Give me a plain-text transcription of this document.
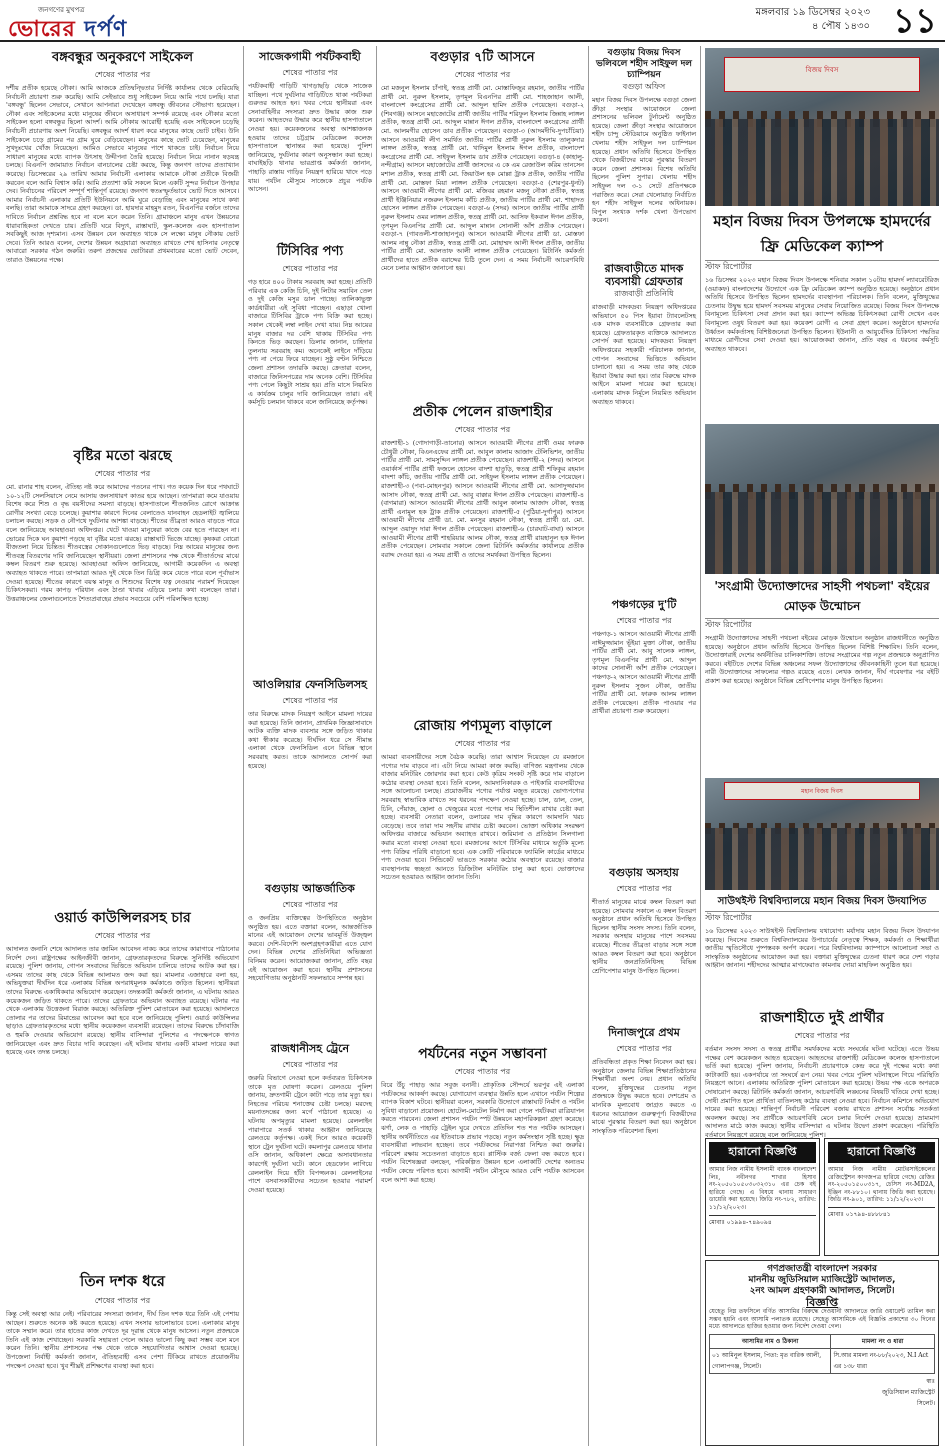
জনগণের মুখপত্র
ভোরের দর্পণ
মঙ্গলবার ১৯ ডিসেম্বর ২০২৩
৪ পৌষ ১৪৩০ ১১
বঙ্গবন্ধুর অনুকরণে সাইকেল
শেষের পাতার পর
দর্শীয় প্রতীক হয়েছে নৌকা। আমি আজকে প্রতিদ্বন্দ্বিতার নির্দিষ্ট কার্যালয় থেকে বেরিয়েছি নির্বাচনী প্রচারণা শুরু করেছি। আমি সেইভাবে শুধু সাইকেল নিয়ে আমি পথে চলছি। যারা 'বঙ্গবন্ধু' ছিলেন সেভাবে, সেখানে আপনারা দেখেছেন বঙ্গবন্ধু জীবনের সৌভাগ্য হয়েছেন। নৌকা এবং সাইকেলের মধ্যে মানুষের জীবনে অসাধারণ সম্পর্ক রয়েছে এবং নৌকার মতো সাইকেল হলো বঙ্গবন্ধুর ছিলো আদর্শ। আমি নৌকায় আরোহী হয়েছি এবং সাইকেলে চড়েছি নির্বাচনী প্রচারণায় অংশ নিয়েছি। বঙ্গবন্ধুর আদর্শ ধারণ করে মানুষের কাছে ভোট চাইব। উনি সাইকেলে চড়ে গ্রামের পর গ্রাম ঘুরে বেড়িয়েছেন। মানুষের কাছে ভোট চেয়েছেন, মানুষের সুখদুঃখের খোঁজ নিয়েছেন। আমিও সেভাবে মানুষের পাশে থাকতে চাই। নির্বাচন নিয়ে সাধারণ মানুষের মধ্যে ব্যাপক উৎসাহ উদ্দীপনা তৈরি হয়েছে। নির্বাচন নিয়ে নানান ষড়যন্ত্র চলছে। বিএনপি জামায়াত নির্বাচন বানচালের চেষ্টা করছে, কিন্তু জনগণ তাদের প্রত্যাখ্যান করেছে। ডিসেম্বরের ২৯ তারিখ আমার নির্বাচনী এলাকায় আমাকে নৌকা প্রতীকে বিজয়ী করবেন বলে আমি বিশ্বাস করি। আমি প্রত্যাশা করি সকলে মিলে একটি সুন্দর নির্বাচন উপহার দেব। নির্বাচনের পরিবেশ সম্পূর্ণ শান্তিপূর্ণ রয়েছে। জনগণ স্বতঃস্ফূর্তভাবে ভোট দিতে আসবে। আমার নির্বাচনী এলাকার প্রতিটি ইউনিয়নে আমি ঘুরে বেড়াচ্ছি এবং মানুষের সাথে কথা বলছি। তারা আমাকে সাদরে গ্রহণ করছেন। ডা. হায়দার মাহমুদ রতন, বিএনপির বর্জনে তাদের দাবিতে নির্বাচন প্রশ্নবিদ্ধ হবে না বলে মনে করেন তিনি। গ্রামাঞ্চলে মানুষ এখন উন্নয়নের ধারাবাহিকতা দেখতে চায়। প্রতিটি ঘরে বিদ্যুৎ, রাস্তাঘাট, স্কুল-কলেজ এবং হাসপাতাল সবকিছুই আজ দৃশ্যমান। এসব উন্নয়ন যেন অব্যাহত থাকে সে লক্ষ্যে মানুষ নৌকায় ভোট দেবে। তিনি আরও বলেন, দেশের উন্নয়ন অগ্রযাত্রা অব্যাহত রাখতে শেখ হাসিনার নেতৃত্বে আবারো সরকার গঠন জরুরি। তরুণ প্রজন্মের ভোটাররা প্রথমবারের মতো ভোট দেবেন, তারাও উন্নয়নের পক্ষে।
বৃষ্টির মতো ঝরছে
শেষের পাতার পর
মো. রানার শাহ বলেন, ঐতিহ্য নষ্ট করে আমাদের পতনের পাখ। গত কয়েক দিন ধরে পথঘাটে ১০-১২টি সেলসিয়াসে নেমে আসায় জনসাধারণ কাতর হয়ে আছেন। তাপমাত্রা কমে যাওয়ায় বিশেষ করে শিশু ও বৃদ্ধ বয়সীদের সমস্যা বাড়ছে। হাসপাতালে শীতজনিত রোগে আক্রান্ত রোগীর সংখ্যা বেড়ে চলেছে। কুয়াশার কারণে দিনের বেলাতেও যানবাহন হেডলাইট জ্বালিয়ে চলাচল করছে। সড়ক ও নৌপথে দুর্ঘটনার আশঙ্কা বাড়ছে। শীতের তীব্রতা আরও বাড়তে পারে বলে জানিয়েছে আবহাওয়া অধিদপ্তর। খেটে খাওয়া মানুষেরা কাজে বের হতে পারছেন না। ভোরের দিকে ঘন কুয়াশা পড়ছে যা বৃষ্টির মতো ঝরছে। রাস্তাঘাট ভিজে যাচ্ছে। কৃষকরা বোরো বীজতলা নিয়ে চিন্তিত। শীতবস্ত্রের দোকানগুলোতে ভিড় বাড়ছে। নিম্ন আয়ের মানুষের জন্য শীতবস্ত্র বিতরণের দাবি জানিয়েছেন স্থানীয়রা। জেলা প্রশাসনের পক্ষ থেকে শীতার্তদের মাঝে কম্বল বিতরণ শুরু হয়েছে। আবহাওয়া অফিস জানিয়েছে, আগামী কয়েকদিন এ অবস্থা অব্যাহত থাকতে পারে। তাপমাত্রা আরও দুই থেকে তিন ডিগ্রি কমে যেতে পারে বলে পূর্বাভাস দেওয়া হয়েছে। শীতের কারণে বয়স্ক মানুষ ও শিশুদের বিশেষ যত্ন নেওয়ার পরামর্শ দিয়েছেন চিকিৎসকরা। গরম কাপড় পরিধান এবং ঠাণ্ডা খাবার এড়িয়ে চলার কথা বলেছেন তারা। উত্তরাঞ্চলের জেলাগুলোতে শৈত্যপ্রবাহের প্রভাব সবচেয়ে বেশি পরিলক্ষিত হচ্ছে।
ওয়ার্ড কাউন্সিলরসহ চার
শেষের পাতার পর
আদালত জনানি শেষে আদালত তার জামিন আবেদন নাকচ করে তাদের কারাগারে পাঠানোর নির্দেশ দেন। রাষ্ট্রপক্ষের আইনজীবী জানান, গ্রেফতারকৃতদের বিরুদ্ধে সুনির্দিষ্ট অভিযোগ রয়েছে। পুলিশ জানায়, গোপন সংবাদের ভিত্তিতে অভিযান চালিয়ে তাদের আটক করা হয়। এসময় তাদের কাছ থেকে বিভিন্ন আলামত জব্দ করা হয়। মামলার এজাহারে বলা হয়, অভিযুক্তরা দীর্ঘদিন ধরে এলাকায় বিভিন্ন অপরাধমূলক কর্মকাণ্ডে জড়িত ছিলেন। স্থানীয়রা তাদের বিরুদ্ধে একাধিকবার অভিযোগ করেছেন। তদন্তকারী কর্মকর্তা জানান, এ ঘটনায় আরও কয়েকজন জড়িত থাকতে পারে। তাদের গ্রেফতারে অভিযান অব্যাহত রয়েছে। ঘটনার পর থেকে এলাকায় উত্তেজনা বিরাজ করছে। অতিরিক্ত পুলিশ মোতায়েন করা হয়েছে। আদালতে তোলার পর তাদের রিমান্ডের আবেদন করা হবে বলে জানিয়েছে পুলিশ। ওয়ার্ড কাউন্সিলর ছাড়াও গ্রেফতারকৃতদের মধ্যে স্থানীয় কয়েকজন ব্যবসায়ী রয়েছেন। তাদের বিরুদ্ধে চাঁদাবাজি ও হুমকি দেওয়ার অভিযোগ রয়েছে। স্থানীয় বাসিন্দারা পুলিশের এ পদক্ষেপকে স্বাগত জানিয়েছেন এবং দ্রুত বিচার দাবি করেছেন। এই ঘটনায় থানায় একটি মামলা দায়ের করা হয়েছে এবং তদন্ত চলছে।
তিন দশক ধরে
শেষের পাতার পর
কিন্তু সেই অবস্থা আর নেই। পরিবারের সদস্যরা জানান, দীর্ঘ তিন দশক ধরে তিনি এই পেশায় আছেন। শুরুতে অনেক কষ্ট করতে হয়েছে। এখন সংসার ভালোভাবে চলে। এলাকার মানুষ তাকে সম্মান করে। তার হাতের কাজ দেখতে দূর দূরান্ত থেকে মানুষ আসেন। নতুন প্রজন্মকে তিনি এই কাজ শেখাচ্ছেন। সরকারি সহায়তা পেলে আরও ভালো কিছু করা সম্ভব বলে মনে করেন তিনি। স্থানীয় প্রশাসনের পক্ষ থেকে তাকে সহযোগিতার আশ্বাস দেওয়া হয়েছে। উপজেলা নির্বাহী কর্মকর্তা জানান, ঐতিহ্যবাহী এসব পেশা টিকিয়ে রাখতে প্রয়োজনীয় পদক্ষেপ নেওয়া হবে। খুব শীঘ্রই প্রশিক্ষণের ব্যবস্থা করা হবে।
সাজেকগামী পর্যটকবাহী
শেষের পাতার পর
পর্যটকবাহী গাড়িটি খাগড়াছড়ি থেকে সাজেক যাচ্ছিল। পথে দুর্ঘটনার গাড়িটিতে থাকা পর্যটকরা গুরুতর আহত হন। খবর পেয়ে স্থানীয়রা এবং সেনাবাহিনীর সদস্যরা দ্রুত উদ্ধার কাজ শুরু করেন। আহতদের উদ্ধার করে স্থানীয় হাসপাতালে নেওয়া হয়। কয়েকজনের অবস্থা আশঙ্কাজনক হওয়ায় তাদের চট্টগ্রাম মেডিকেল কলেজ হাসপাতালে স্থানান্তর করা হয়েছে। পুলিশ জানিয়েছে, দুর্ঘটনার কারণ অনুসন্ধান করা হচ্ছে। বাঘাইছড়ি থানার ভারপ্রাপ্ত কর্মকর্তা জানান, পাহাড়ি রাস্তায় গাড়ির নিয়ন্ত্রণ হারিয়ে খাদে পড়ে যায়। পর্যটন মৌসুমে সাজেকে প্রচুর পর্যটক আসেন।
টিসিবির পণ্য
শেষের পাতার পর
গড় হারে ৪০০ টাকায় সরবরাহ করা হচ্ছে। প্রতিটি পরিবার এক কেজি চিনি, দুই লিটার সয়াবিন তেল ও দুই কেজি মসুর ডাল পাচ্ছে। তালিকাভুক্ত কার্ডধারীরা এই সুবিধা পাচ্ছেন। এছাড়া খোলা বাজারে টিসিবির ট্রাকে পণ্য বিক্রি করা হচ্ছে। সকাল থেকেই লম্বা লাইন দেখা যায়। নিম্ন আয়ের মানুষ বাজার দর বেশি থাকায় টিসিবির পণ্য কিনতে ভিড় করছেন। ডিলার জানান, চাহিদার তুলনায় সরবরাহ কম। অনেকেই লাইনে দাঁড়িয়ে পণ্য না পেয়ে ফিরে যাচ্ছেন। সুষ্ঠু বণ্টন নিশ্চিতে জেলা প্রশাসন তদারকি করছে। ক্রেতারা বলেন, বাজারে জিনিসপত্রের দাম অনেক বেশি। টিসিবির পণ্য পেলে কিছুটা সাশ্রয় হয়। প্রতি মাসে নিয়মিত এ কার্যক্রম চালুর দাবি জানিয়েছেন তারা। এই কর্মসূচি চলমান থাকবে বলে জানিয়েছে কর্তৃপক্ষ।
আওলিয়ার ফেনসিডিলসহ
শেষের পাতার পর
তার বিরুদ্ধে মাদক নিয়ন্ত্রণ আইনে মামলা দায়ের করা হয়েছে। তিনি জানান, প্রাথমিক জিজ্ঞাসাবাদে আটক ব্যক্তি মাদক ব্যবসার সঙ্গে জড়িত থাকার কথা স্বীকার করেছে। দীর্ঘদিন ধরে সে সীমান্ত এলাকা থেকে ফেনসিডিল এনে বিভিন্ন স্থানে সরবরাহ করত। তাকে আদালতে সোপর্দ করা হয়েছে।
বগুড়ায় আন্তর্জাতিক
শেষের পাতার পর
ও জনপ্রিয় ব্যক্তিত্বের উপস্থিতিতে অনুষ্ঠান অনুষ্ঠিত হয়। এতে বক্তারা বলেন, আন্তর্জাতিক মানের এই আয়োজন দেশের ভাবমূর্তি উজ্জ্বল করবে। দেশি-বিদেশি অংশগ্রহণকারীরা এতে যোগ দেন। বিভিন্ন দেশের প্রতিনিধিরা অভিজ্ঞতা বিনিময় করেন। আয়োজকরা জানান, প্রতি বছর এই আয়োজন করা হবে। স্থানীয় প্রশাসনের সহযোগিতায় অনুষ্ঠানটি সফলভাবে সম্পন্ন হয়।
রাজধানীসহ ট্রেনে
শেষের পাতার পর
জরুরি বিভাগে নেওয়া হলে কর্তব্যরত চিকিৎসক তাকে মৃত ঘোষণা করেন। রেলওয়ে পুলিশ জানায়, দ্রুতগামী ট্রেনে কাটা পড়ে তার মৃত্যু হয়। নিহতের পরিচয় শনাক্তের চেষ্টা চলছে। মরদেহ ময়নাতদন্তের জন্য মর্গে পাঠানো হয়েছে। এ ঘটনায় অপমৃত্যুর মামলা হয়েছে। রেললাইন পারাপারে সতর্ক থাকার আহ্বান জানিয়েছে রেলওয়ে কর্তৃপক্ষ। একই দিনে আরও কয়েকটি স্থানে ট্রেন দুর্ঘটনা ঘটে। কমলাপুর রেলওয়ে থানার ওসি জানান, অধিকাংশ ক্ষেত্রে অসাবধানতার কারণেই দুর্ঘটনা ঘটে। কানে হেডফোন লাগিয়ে রেললাইন দিয়ে হাঁটা বিপজ্জনক। রেললাইনের পাশে বসবাসকারীদের সচেতন হওয়ার পরামর্শ দেওয়া হয়েছে।
বগুড়ার ৭টি আসনে
শেষের পাতার পর
মো মজনুল ইসলাম চাঁপাই, স্বতন্ত্র প্রার্থী মো. মোস্তাফিজুর রহমান, জাতীয় পার্টির প্রার্থী মো. নুরুল ইসলাম, তৃণমূল বিএনপির প্রার্থী মো. শাহজাহান আলী, বাংলাদেশ কংগ্রেসের প্রার্থী মো. আব্দুল হামিদ প্রতীক পেয়েছেন। বগুড়া-২ (শিবগঞ্জ) আসনে মহাজোটের প্রার্থী জাতীয় পার্টির শরিফুল ইসলাম জিন্নাহ লাঙ্গল প্রতীক, স্বতন্ত্র প্রার্থী মো. আব্দুল মান্নান ঈগল প্রতীক, বাংলাদেশ কংগ্রেসের প্রার্থী মো. আলমগীর হোসেন ডাব প্রতীক পেয়েছেন। বগুড়া-৩ (আদমদীঘি-দুপচাঁচিয়া) আসনে আওয়ামী লীগ সমর্থিত জাতীয় পার্টির প্রার্থী নুরুল ইসলাম তালুকদার লাঙ্গল প্রতীক, স্বতন্ত্র প্রার্থী মো. খাদিমুল ইসলাম ঈগল প্রতীক, বাংলাদেশ কংগ্রেসের প্রার্থী মো. সাইফুল ইসলাম ডাব প্রতীক পেয়েছেন। বগুড়া-৪ (কাহালু-নন্দীগ্রাম) আসনে মহাজোটের প্রার্থী জাসদের এ কে এম রেজাউল করিম তানসেন মশাল প্রতীক, স্বতন্ত্র প্রার্থী মো. জিয়াউল হক মোল্লা ট্রাক প্রতীক, জাতীয় পার্টির প্রার্থী মো. মোস্তফা মিয়া লাঙ্গল প্রতীক পেয়েছেন। বগুড়া-৫ (শেরপুর-ধুনট) আসনে আওয়ামী লীগের প্রার্থী মো. মজিবর রহমান মজনু নৌকা প্রতীক, স্বতন্ত্র প্রার্থী ইঞ্জিনিয়ার নজরুল ইসলাম কাঁচি প্রতীক, জাতীয় পার্টির প্রার্থী মো. শাহাদত হোসেন লাঙ্গল প্রতীক পেয়েছেন। বগুড়া-৬ (সদর) আসনে জাতীয় পার্টির প্রার্থী নুরুল ইসলাম ওমর লাঙ্গল প্রতীক, স্বতন্ত্র প্রার্থী মো. আসিফ ইকবাল ঈগল প্রতীক, তৃণমূল বিএনপির প্রার্থী মো. আব্দুল মান্নান সোনালী আঁশ প্রতীক পেয়েছেন। বগুড়া-৭ (গাবতলী-শাজাহানপুর) আসনে আওয়ামী লীগের প্রার্থী ডা. মোস্তফা আলম নান্নু নৌকা প্রতীক, স্বতন্ত্র প্রার্থী মো. মোহাম্মদ আলী ঈগল প্রতীক, জাতীয় পার্টির প্রার্থী মো. আলতাফ আলী লাঙ্গল প্রতীক পেয়েছেন। রিটার্নিং কর্মকর্তা প্রার্থীদের হাতে প্রতীক বরাদ্দের চিঠি তুলে দেন। এ সময় নির্বাচনী আচরণবিধি মেনে চলার আহ্বান জানানো হয়।
প্রতীক পেলেন রাজশাহীর
শেষের পাতার পর
রাজশাহী-১ (গোদাগাড়ী-তানোর) আসনে আওয়ামী লীগের প্রার্থী ওমর ফারুক চৌধুরী নৌকা, বিএনএফের প্রার্থী মো. আবুল কালাম আজাদ টেলিভিশন, জাতীয় পার্টির প্রার্থী মো. সামসুদ্দিন লাঙ্গল প্রতীক পেয়েছেন। রাজশাহী-২ (সদর) আসনে ওয়ার্কার্স পার্টির প্রার্থী ফজলে হোসেন বাদশা হাতুড়ি, স্বতন্ত্র প্রার্থী শফিকুর রহমান বাদশা কাঁচি, জাতীয় পার্টির প্রার্থী মো. সাইফুল ইসলাম লাঙ্গল প্রতীক পেয়েছেন। রাজশাহী-৩ (পবা-মোহনপুর) আসনে আওয়ামী লীগের প্রার্থী মো. আসাদুজ্জামান আসাদ নৌকা, স্বতন্ত্র প্রার্থী মো. আবু বাক্কার ঈগল প্রতীক পেয়েছেন। রাজশাহী-৪ (বাগমারা) আসনে আওয়ামী লীগের প্রার্থী আবুল কালাম আজাদ নৌকা, স্বতন্ত্র প্রার্থী এনামুল হক ট্রাক প্রতীক পেয়েছেন। রাজশাহী-৫ (পুঠিয়া-দুর্গাপুর) আসনে আওয়ামী লীগের প্রার্থী ডা. মো. মনসুর রহমান নৌকা, স্বতন্ত্র প্রার্থী ডা. মো. আব্দুল ওয়াদুদ দারা ঈগল প্রতীক পেয়েছেন। রাজশাহী-৬ (চারঘাট-বাঘা) আসনে আওয়ামী লীগের প্রার্থী শাহরিয়ার আলম নৌকা, স্বতন্ত্র প্রার্থী রায়হানুল হক ঈগল প্রতীক পেয়েছেন। সোমবার সকালে জেলা রিটার্নিং কর্মকর্তার কার্যালয়ে প্রতীক বরাদ্দ দেওয়া হয়। এ সময় প্রার্থী ও তাদের সমর্থকরা উপস্থিত ছিলেন।
রোজায় পণ্যমূল্য বাড়ালে
শেষের পাতার পর
আমরা ব্যবসায়ীদের সঙ্গে বৈঠক করেছি। তারা আশ্বাস দিয়েছেন যে রমজানে পণ্যের দাম বাড়বে না। এটা নিয়ে আমরা কাজ করছি। বাণিজ্য মন্ত্রণালয় থেকে বাজার মনিটরিং জোরদার করা হবে। কেউ কৃত্রিম সংকট সৃষ্টি করে দাম বাড়ালে কঠোর ব্যবস্থা নেওয়া হবে। তিনি বলেন, আমদানিকারক ও পাইকারি ব্যবসায়ীদের সঙ্গে আলোচনা চলছে। প্রয়োজনীয় পণ্যের পর্যাপ্ত মজুত রয়েছে। ভোগ্যপণ্যের সরবরাহ স্বাভাবিক রাখতে সব ধরনের পদক্ষেপ নেওয়া হচ্ছে। চাল, ডাল, তেল, চিনি, পেঁয়াজ, ছোলা ও খেজুরের মতো পণ্যের দাম স্থিতিশীল রাখার চেষ্টা করা হচ্ছে। ব্যবসায়ী নেতারা বলেন, ডলারের দাম বৃদ্ধির কারণে আমদানি খরচ বেড়েছে। তবে তারা দাম সহনীয় রাখার চেষ্টা করবেন। ভোক্তা অধিকার সংরক্ষণ অধিদপ্তর বাজারে অভিযান অব্যাহত রাখবে। জরিমানা ও প্রতিষ্ঠান সিলগালা করার মতো ব্যবস্থা নেওয়া হবে। রমজানের আগে টিসিবির মাধ্যমে ভর্তুকি মূল্যে পণ্য বিক্রির পরিধি বাড়ানো হবে। এক কোটি পরিবারকে ফ্যামিলি কার্ডের মাধ্যমে পণ্য দেওয়া হবে। সিন্ডিকেট ভাঙতে সরকার কঠোর অবস্থানে রয়েছে। বাজার ব্যবস্থাপনায় স্বচ্ছতা আনতে ডিজিটাল মনিটরিং চালু করা হবে। ভোক্তাদের সচেতন হওয়ারও আহ্বান জানান তিনি।
পর্যটনের নতুন সম্ভাবনা
শেষের পাতার পর
বিরে উঁচু পাহাড় আর সবুজ বনানী। প্রাকৃতিক সৌন্দর্যে ভরপুর এই এলাকা পর্যটকদের আকর্ষণ করছে। যোগাযোগ ব্যবস্থার উন্নতি হলে এখানে পর্যটন শিল্পের ব্যাপক বিকাশ ঘটবে। স্থানীয়রা বলেন, সরকারি উদ্যোগে রাস্তাঘাট নির্মাণ ও পর্যটন সুবিধা বাড়ানো প্রয়োজন। হোটেল-মোটেল নির্মাণ করা গেলে পর্যটকরা রাত্রিযাপন করতে পারবেন। জেলা প্রশাসন পর্যটন স্পট উন্নয়নে মহাপরিকল্পনা গ্রহণ করেছে। ঝর্ণা, লেক ও পাহাড়ি ট্রেইল ঘুরে দেখতে প্রতিদিন শত শত পর্যটক আসছেন। স্থানীয় অর্থনীতিতে এর ইতিবাচক প্রভাব পড়ছে। নতুন কর্মসংস্থান সৃষ্টি হচ্ছে। ক্ষুদ্র ব্যবসায়ীরা লাভবান হচ্ছেন। তবে পর্যটকদের নিরাপত্তা নিশ্চিত করা জরুরি। পরিবেশ রক্ষায় সচেতনতা বাড়াতে হবে। প্লাস্টিক বর্জ্য ফেলা বন্ধ করতে হবে। পর্যটন বিশেষজ্ঞরা বলছেন, পরিকল্পিত উন্নয়ন হলে এলাকাটি দেশের অন্যতম পর্যটন কেন্দ্রে পরিণত হবে। আগামী পর্যটন মৌসুমে আরও বেশি পর্যটক আসবেন বলে আশা করা হচ্ছে।
বগুড়ায় বিজয় দিবস ভলিবলে শহীদ সাইফুল দল চ্যাম্পিয়ন
বগুড়া অফিস
মহান বিজয় দিবস উপলক্ষে বগুড়া জেলা ক্রীড়া সংস্থার আয়োজনে জেলা প্রশাসনের ভলিবল টুর্নামেন্ট অনুষ্ঠিত হয়েছে। জেলা ক্রীড়া সংস্থার আয়োজনে শহীদ চান্দু স্টেডিয়ামে অনুষ্ঠিত ফাইনাল খেলায় শহীদ সাইফুল দল চ্যাম্পিয়ন হয়েছে। প্রধান অতিথি হিসেবে উপস্থিত থেকে বিজয়ীদের মাঝে পুরস্কার বিতরণ করেন জেলা প্রশাসক। বিশেষ অতিথি ছিলেন পুলিশ সুপার। খেলায় শহীদ সাইফুল দল ৩-১ সেটে প্রতিপক্ষকে পরাজিত করে। সেরা খেলোয়াড় নির্বাচিত হন শহীদ সাইফুল দলের অধিনায়ক। বিপুল সংখ্যক দর্শক খেলা উপভোগ করেন।
রাজবাড়ীতে মাদক ব্যবসায়ী গ্রেফতার
রাজবাড়ী প্রতিনিধি
রাজবাড়ী মাদকদ্রব্য নিয়ন্ত্রণ অধিদপ্তরের অভিযানে ৫০ পিস ইয়াবা ট্যাবলেটসহ এক মাদক ব্যবসায়ীকে গ্রেফতার করা হয়েছে। গ্রেফতারকৃত ব্যক্তিকে আদালতে সোপর্দ করা হয়েছে। মাদকদ্রব্য নিয়ন্ত্রণ অধিদপ্তরের সহকারী পরিচালক জানান, গোপন সংবাদের ভিত্তিতে অভিযান চালানো হয়। এ সময় তার কাছ থেকে ইয়াবা উদ্ধার করা হয়। তার বিরুদ্ধে মাদক আইনে মামলা দায়ের করা হয়েছে। এলাকায় মাদক নির্মূলে নিয়মিত অভিযান অব্যাহত থাকবে।
পঞ্চগড়ের দু'টি
শেষের পাতার পর
পঞ্চগড়-১ আসনে আওয়ামী লীগের প্রার্থী নাঈমুজ্জামান ভূঁইয়া মুক্তা নৌকা, জাতীয় পার্টির প্রার্থী মো. আবু সালেক লাঙ্গল, তৃণমূল বিএনপির প্রার্থী মো. আব্দুল কাদের সোনালী আঁশ প্রতীক পেয়েছেন। পঞ্চগড়-২ আসনে আওয়ামী লীগের প্রার্থী নুরুল ইসলাম সুজন নৌকা, জাতীয় পার্টির প্রার্থী মো. ফারুক আলম লাঙ্গল প্রতীক পেয়েছেন। প্রতীক পাওয়ার পর প্রার্থীরা প্রচারণা শুরু করেছেন।
বগুড়ায় অসহায়
শেষের পাতার পর
শীতার্ত মানুষের মাঝে কম্বল বিতরণ করা হয়েছে। সোমবার সকালে এ কম্বল বিতরণ অনুষ্ঠানে প্রধান অতিথি হিসেবে উপস্থিত ছিলেন স্থানীয় সংসদ সদস্য। তিনি বলেন, সরকার অসহায় মানুষের পাশে সবসময় রয়েছে। শীতের তীব্রতা বাড়ার সঙ্গে সঙ্গে আরও কম্বল বিতরণ করা হবে। অনুষ্ঠানে স্থানীয় জনপ্রতিনিধিসহ বিভিন্ন শ্রেণিপেশার মানুষ উপস্থিত ছিলেন।
দিনাজপুরে প্রথম
শেষের পাতার পর
প্রতিবন্ধিতা প্রকৃত শিক্ষা নিবেদন করা হয়। অনুষ্ঠানে জেলার বিভিন্ন শিক্ষাপ্রতিষ্ঠানের শিক্ষার্থীরা অংশ নেয়। প্রধান অতিথি বলেন, মুক্তিযুদ্ধের চেতনায় নতুন প্রজন্মকে উদ্বুদ্ধ করতে হবে। দেশপ্রেম ও মানবিক মূল্যবোধ জাগ্রত করতে এ ধরনের আয়োজন গুরুত্বপূর্ণ। বিজয়ীদের মাঝে পুরস্কার বিতরণ করা হয়। অনুষ্ঠানে সাংস্কৃতিক পরিবেশনা ছিল।
বিজয় দিবস
মহান বিজয় দিবস উপলক্ষে হামদর্দের ফ্রি মেডিকেল ক্যাম্প
স্টাফ রিপোর্টার
১৬ ডিসেম্বর ২০২৩ মহান বিজয় দিবস উপলক্ষে শনিবার সকাল ১০টায় হামদর্দ ল্যাবরেটরিজ (ওয়াকফ) বাংলাদেশের উদ্যোগে এক ফ্রি মেডিকেল ক্যাম্প অনুষ্ঠিত হয়েছে। অনুষ্ঠানে প্রধান অতিথি হিসেবে উপস্থিত ছিলেন হামদর্দের ব্যবস্থাপনা পরিচালক। তিনি বলেন, মুক্তিযুদ্ধের চেতনায় উদ্বুদ্ধ হয়ে হামদর্দ সবসময় মানুষের সেবায় নিয়োজিত রয়েছে। বিজয় দিবস উপলক্ষে বিনামূল্যে চিকিৎসা সেবা প্রদান করা হয়। ক্যাম্পে অভিজ্ঞ চিকিৎসকরা রোগী দেখেন এবং বিনামূল্যে ওষুধ বিতরণ করা হয়। কয়েকশ রোগী এ সেবা গ্রহণ করেন। অনুষ্ঠানে হামদর্দের উর্ধ্বতন কর্মকর্তাসহ বিশিষ্টজনেরা উপস্থিত ছিলেন। ইউনানী ও আয়ুর্বেদিক চিকিৎসা পদ্ধতির মাধ্যমে রোগীদের সেবা দেওয়া হয়। আয়োজকরা জানান, প্রতি বছর এ ধরনের কর্মসূচি অব্যাহত থাকবে।
'সংগ্রামী উদ্যোক্তাদের সাহসী পথচলা' বইয়ের মোড়ক উন্মোচন
স্টাফ রিপোর্টার
সংগ্রামী উদ্যোক্তাদের সাহসী পথচলা বইয়ের মোড়ক উন্মোচন অনুষ্ঠান রাজধানীতে অনুষ্ঠিত হয়েছে। অনুষ্ঠানে প্রধান অতিথি হিসেবে উপস্থিত ছিলেন বিশিষ্ট শিক্ষাবিদ। তিনি বলেন, উদ্যোক্তারাই দেশের অর্থনীতির চালিকাশক্তি। তাদের সংগ্রামের গল্প নতুন প্রজন্মকে অনুপ্রাণিত করবে। বইটিতে দেশের বিভিন্ন অঞ্চলের সফল উদ্যোক্তাদের জীবনকাহিনী তুলে ধরা হয়েছে। নারী উদ্যোক্তাদের সাফল্যের গল্পও রয়েছে এতে। লেখক জানান, দীর্ঘ গবেষণার পর বইটি প্রকাশ করা হয়েছে। অনুষ্ঠানে বিভিন্ন শ্রেণিপেশার মানুষ উপস্থিত ছিলেন।
মহান বিজয় দিবস
সাউথইস্ট বিশ্ববিদ্যালয়ে মহান বিজয় দিবস উদযাপিত
স্টাফ রিপোর্টার
১৬ ডিসেম্বর ২০২৩ সাউথইস্ট বিশ্ববিদ্যালয় যথাযোগ্য মর্যাদায় মহান বিজয় দিবস উদযাপন করেছে। দিবসের শুরুতে বিশ্ববিদ্যালয়ের উপাচার্যের নেতৃত্বে শিক্ষক, কর্মকর্তা ও শিক্ষার্থীরা জাতীয় স্মৃতিসৌধে পুষ্পস্তবক অর্পণ করেন। পরে বিশ্ববিদ্যালয় ক্যাম্পাসে আলোচনা সভা ও সাংস্কৃতিক অনুষ্ঠানের আয়োজন করা হয়। বক্তারা মুক্তিযুদ্ধের চেতনা ধারণ করে দেশ গড়ার আহ্বান জানান। শহীদদের আত্মার মাগফেরাত কামনায় দোয়া মাহফিল অনুষ্ঠিত হয়।
রাজশাহীতে দুই প্রার্থীর
শেষের পাতার পর
বর্তমান সংসদ সদস্য ও স্বতন্ত্র প্রার্থীর সমর্থকদের মধ্যে সংঘর্ষের ঘটনা ঘটেছে। এতে উভয় পক্ষের বেশ কয়েকজন আহত হয়েছেন। আহতদের রাজশাহী মেডিকেল কলেজ হাসপাতালে ভর্তি করা হয়েছে। পুলিশ জানায়, নির্বাচনী প্রচারণাকে কেন্দ্র করে দুই পক্ষের মধ্যে কথা কাটাকাটি হয়। একপর্যায়ে তা সংঘর্ষে রূপ নেয়। খবর পেয়ে পুলিশ ঘটনাস্থলে গিয়ে পরিস্থিতি নিয়ন্ত্রণে আনে। এলাকায় অতিরিক্ত পুলিশ মোতায়েন করা হয়েছে। উভয় পক্ষ একে অপরকে দোষারোপ করছে। রিটার্নিং কর্মকর্তা জানান, আচরণবিধি লঙ্ঘনের বিষয়টি খতিয়ে দেখা হচ্ছে। দোষী প্রমাণিত হলে প্রার্থিতা বাতিলসহ কঠোর ব্যবস্থা নেওয়া হবে। নির্বাচন কমিশনে অভিযোগ দায়ের করা হয়েছে। শান্তিপূর্ণ নির্বাচনী পরিবেশ বজায় রাখতে প্রশাসন সর্বোচ্চ সতর্কতা অবলম্বন করছে। সব প্রার্থীকে আচরণবিধি মেনে চলার নির্দেশ দেওয়া হয়েছে। ভ্রাম্যমাণ আদালত মাঠে কাজ করছে। স্থানীয় বাসিন্দারা এ ঘটনায় উদ্বেগ প্রকাশ করেছেন। পরিস্থিতি বর্তমানে নিয়ন্ত্রণে রয়েছে বলে জানিয়েছে পুলিশ।
হারানো বিজ্ঞপ্তি
আমার নিজ নামীয় ইসলামী ব্যাংক বাংলাদেশ লিঃ, নবীনগর শাখার হিসাব নং-২০৫০১০৫০৩০৩২৩১০ এর চেক বই হারিয়ে গেছে। এ বিষয়ে থানায় সাধারণ ডায়েরি করা হয়েছে। জিডি নং-৭৮২, তারিখ: ১১/১২/২০২৩।
মোবাঃ ০১৯৯৪-৭৪৯০৯৪
হারানো বিজ্ঞপ্তি
আমার নিজ নামীয় মোটরসাইকেলের রেজিস্ট্রেশন কাগজপত্র হারিয়ে গেছে। রেজিঃ নং-২০৫০১৫০০৩১৭, চেসিস নং-MD2A, ইঞ্জিন নং-৮৮১০। থানায় জিডি করা হয়েছে। জিডি নং-৯০১, তারিখ: ১১/১২/২০২৩।
মোবাঃ ০১৭৯৪-৪৮৮৮৪১
গণপ্রজাতন্ত্রী বাংলাদেশ সরকার
মাননীয় জুডিসিয়াল ম্যাজিস্ট্রেট আদালত,
২নং আমল গ্রহণকারী আদালত, সিলেট।
বিজ্ঞপ্তি
যেহেতু নিম্ন তফসিলে বর্ণিত আসামির বিরুদ্ধে দেওয়ানী আদালতে জারি ওয়ারেন্ট তামিল করা সম্ভব হয়নি এবং আসামি পলাতক রয়েছে। সেহেতু আসামিকে এই বিজ্ঞপ্তি প্রকাশের ৩০ দিনের মধ্যে আদালতে হাজির হওয়ার জন্য নির্দেশ দেওয়া গেল।
আসামির নাম ও ঠিকানা	মামলা নং ও ধারা
০১ আমিনুল ইসলাম, পিতা: মৃত বারিক আলী, গোলাপগঞ্জ, সিলেট।	সি.আর মামলা নং-৮৮/২০২৩, N.I Act এর ১৩৮ ধারা
স্বাঃ
জুডিসিয়াল ম্যাজিস্ট্রেট
সিলেট।
